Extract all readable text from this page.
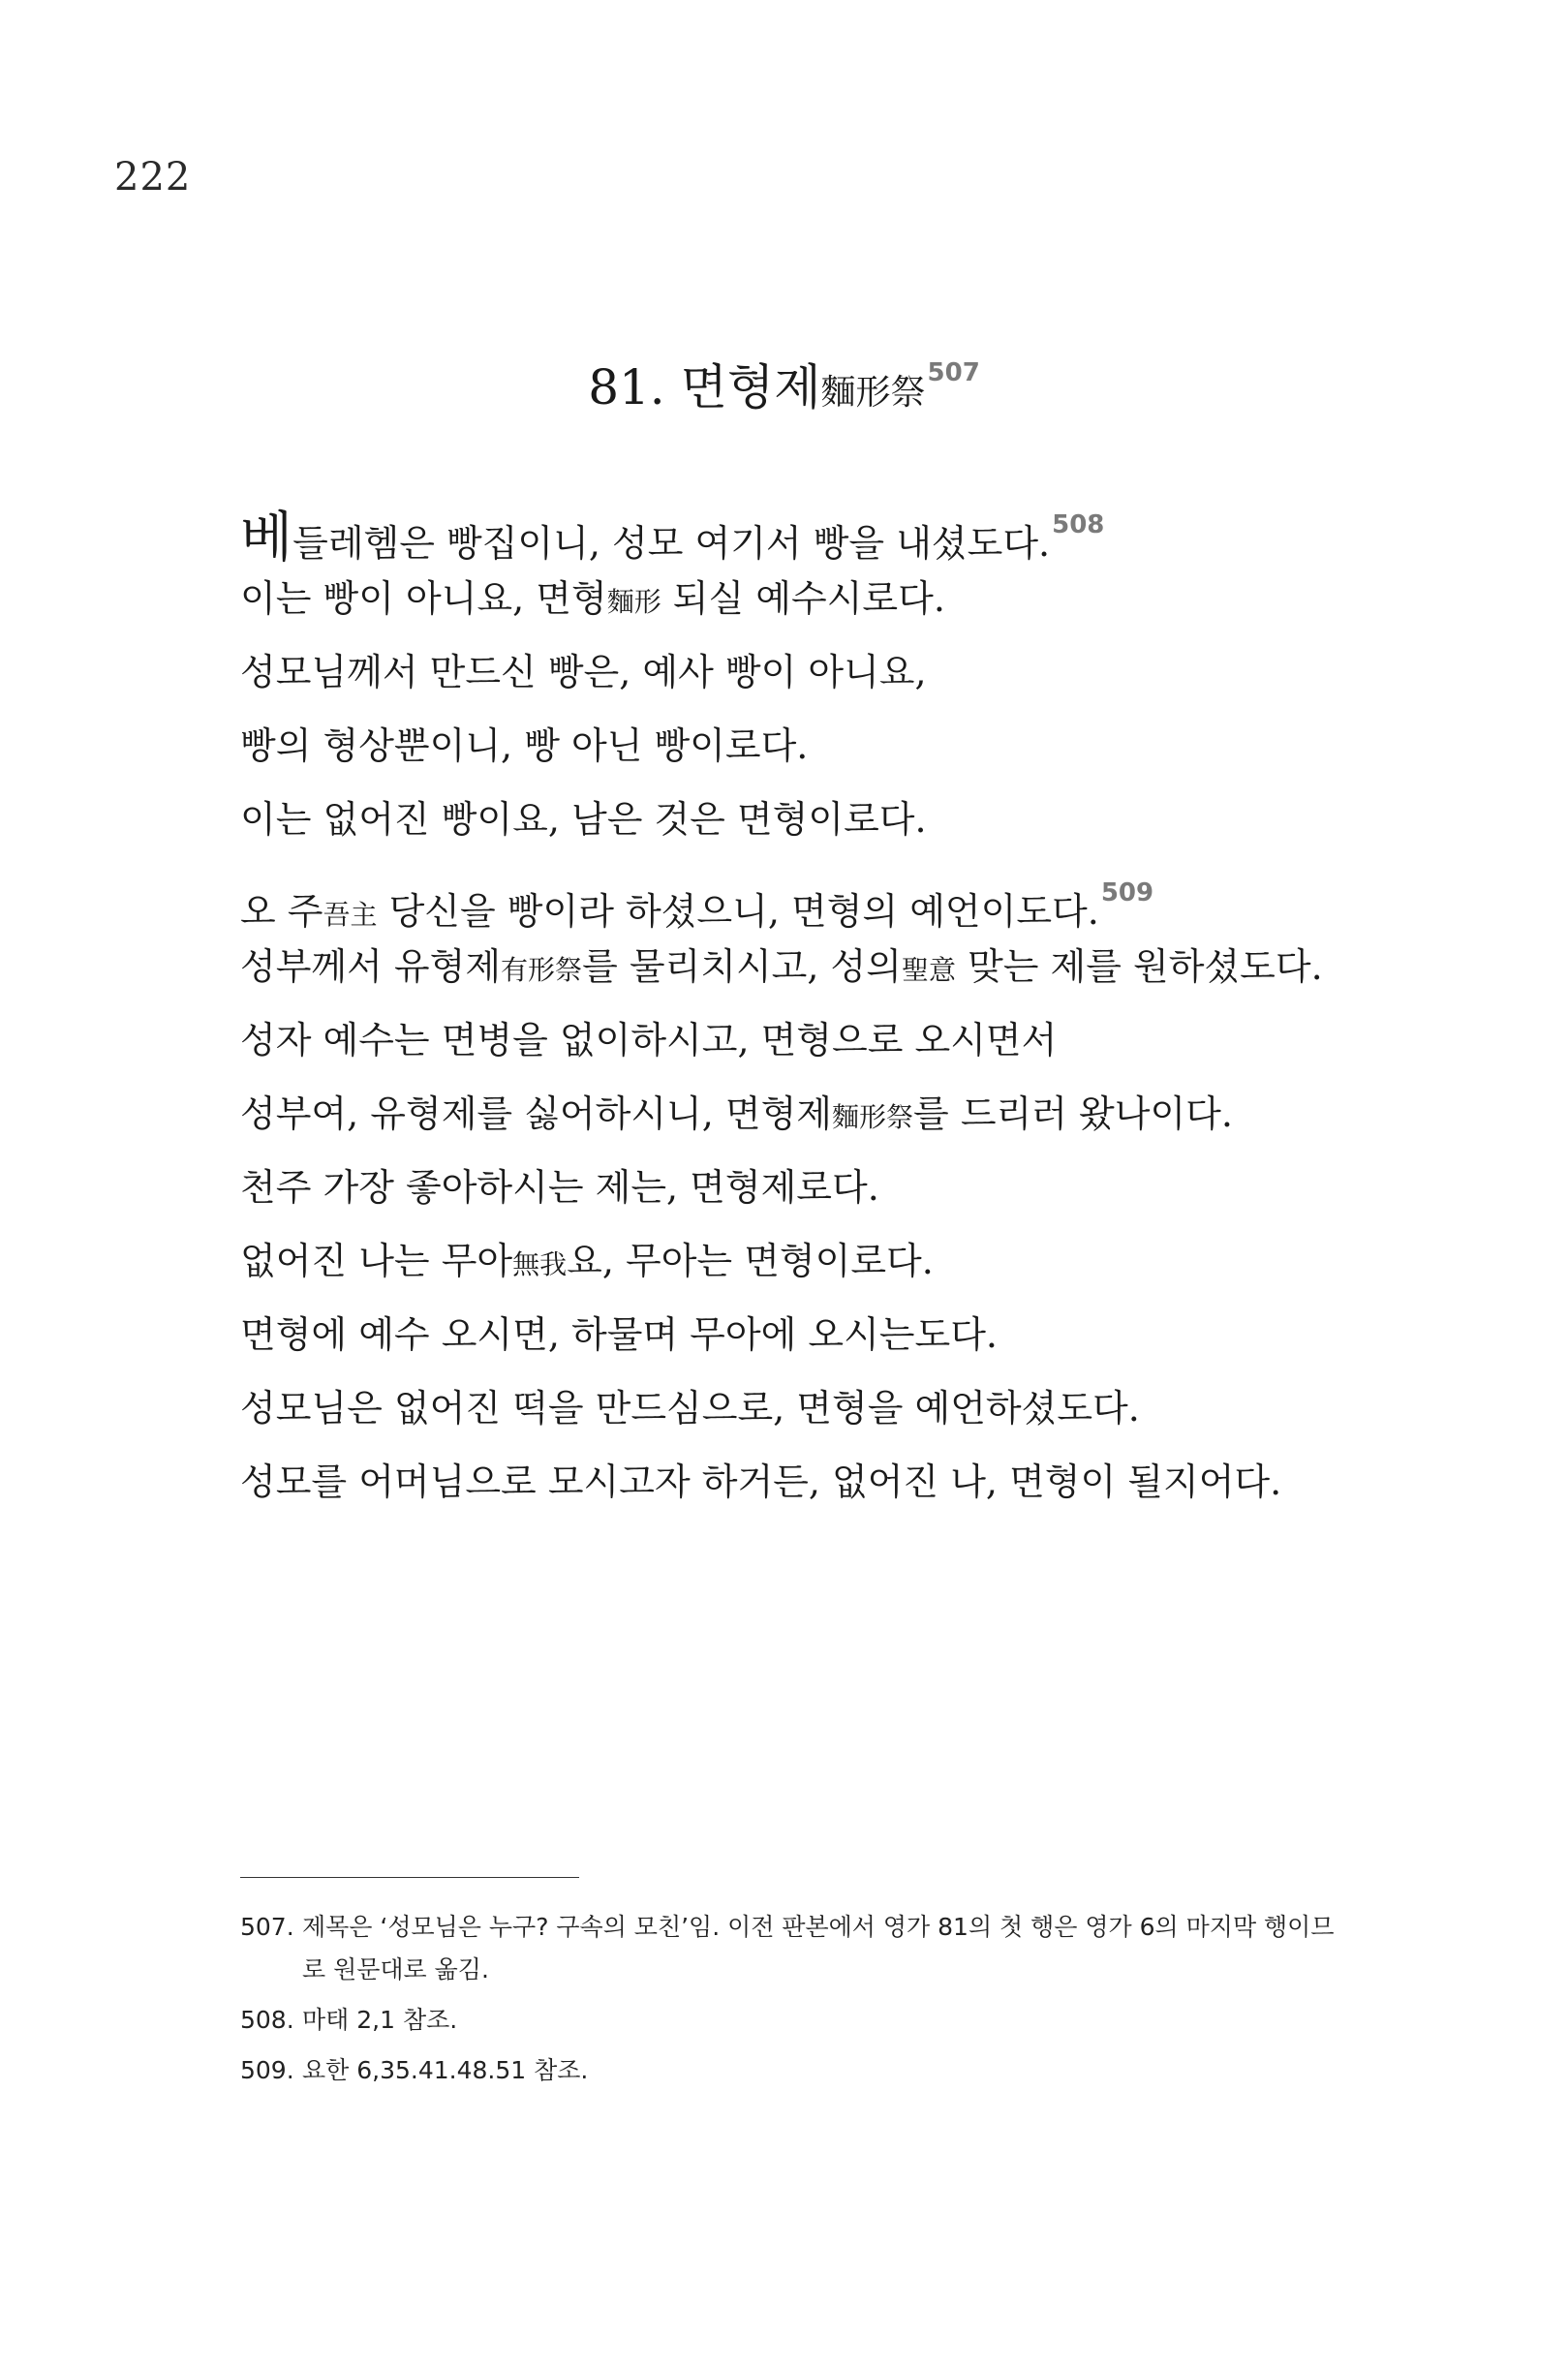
222
81. 면형제麵形祭$^{507}$
베들레헴은 빵집이니, 성모 여기서 빵을 내셨도다.$^{508}$
이는 빵이 아니요, 면형麵形 되실 예수시로다.
성모님께서 만드신 빵은, 예사 빵이 아니요,
빵의 형상뿐이니, 빵 아닌 빵이로다.
이는 없어진 빵이요, 남은 것은 면형이로다.
오 주吾主 당신을 빵이라 하셨으니, 면형의 예언이도다.$^{509}$
성부께서 유형제有形祭를 물리치시고, 성의聖意 맞는 제를 원하셨도다.
성자 예수는 면병을 없이하시고, 면형으로 오시면서
성부여, 유형제를 싫어하시니, 면형제麵形祭를 드리러 왔나이다.
천주 가장 좋아하시는 제는, 면형제로다.
없어진 나는 무아無我요, 무아는 면형이로다.
면형에 예수 오시면, 하물며 무아에 오시는도다.
성모님은 없어진 떡을 만드심으로, 면형을 예언하셨도다.
성모를 어머님으로 모시고자 하거든, 없어진 나, 면형이 될지어다.
507. 제목은 ‘성모님은 누구? 구속의 모친’임. 이전 판본에서 영가 81의 첫 행은 영가 6의 마지막 행이므로 원문대로 옮김.
508. 마태 2,1 참조.
509. 요한 6,35.41.48.51 참조.
